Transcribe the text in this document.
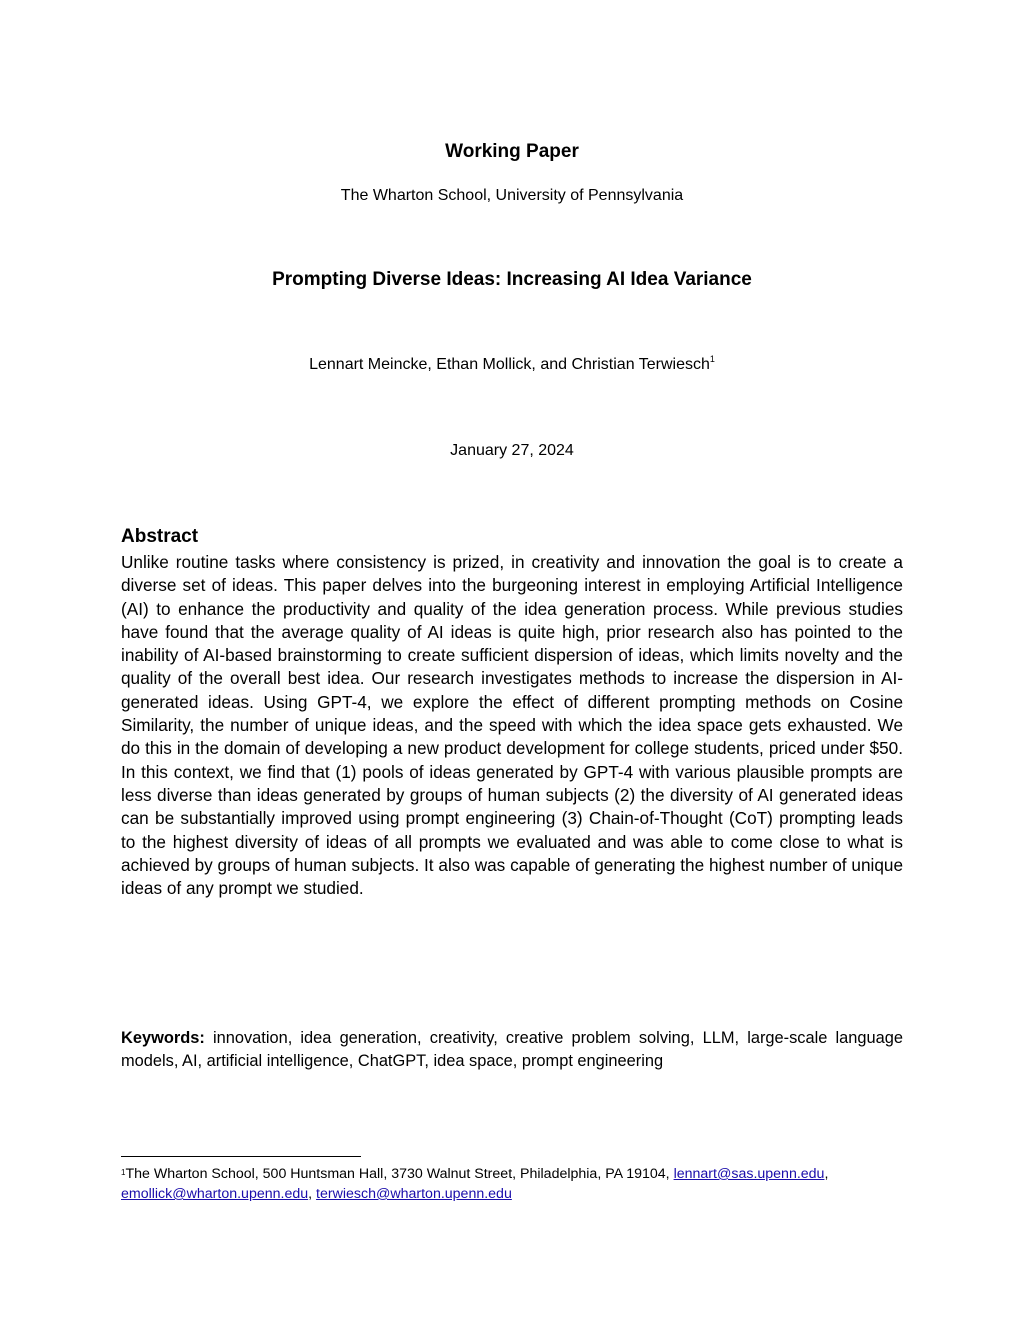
Working Paper
The Wharton School, University of Pennsylvania
Prompting Diverse Ideas: Increasing AI Idea Variance
Lennart Meincke, Ethan Mollick, and Christian Terwiesch$^1$
January 27, 2024
Abstract
Unlike routine tasks where consistency is prized, in creativity and innovation the goal is to create a diverse set of ideas. This paper delves into the burgeoning interest in employing Artificial Intelligence (AI) to enhance the productivity and quality of the idea generation process. While previous studies have found that the average quality of AI ideas is quite high, prior research also has pointed to the inability of AI-based brainstorming to create sufficient dispersion of ideas, which limits novelty and the quality of the overall best idea. Our research investigates methods to increase the dispersion in AI-generated ideas. Using GPT-4, we explore the effect of different prompting methods on Cosine Similarity, the number of unique ideas, and the speed with which the idea space gets exhausted. We do this in the domain of developing a new product development for college students, priced under $50. In this context, we find that (1) pools of ideas generated by GPT-4 with various plausible prompts are less diverse than ideas generated by groups of human subjects (2) the diversity of AI generated ideas can be substantially improved using prompt engineering (3) Chain-of-Thought (CoT) prompting leads to the highest diversity of ideas of all prompts we evaluated and was able to come close to what is achieved by groups of human subjects. It also was capable of generating the highest number of unique ideas of any prompt we studied.
Keywords: innovation, idea generation, creativity, creative problem solving, LLM, large-scale language models, AI, artificial intelligence, ChatGPT, idea space, prompt engineering
$^1$The Wharton School, 500 Huntsman Hall, 3730 Walnut Street, Philadelphia, PA 19104, lennart@sas.upenn.edu,
emollick@wharton.upenn.edu, terwiesch@wharton.upenn.edu
